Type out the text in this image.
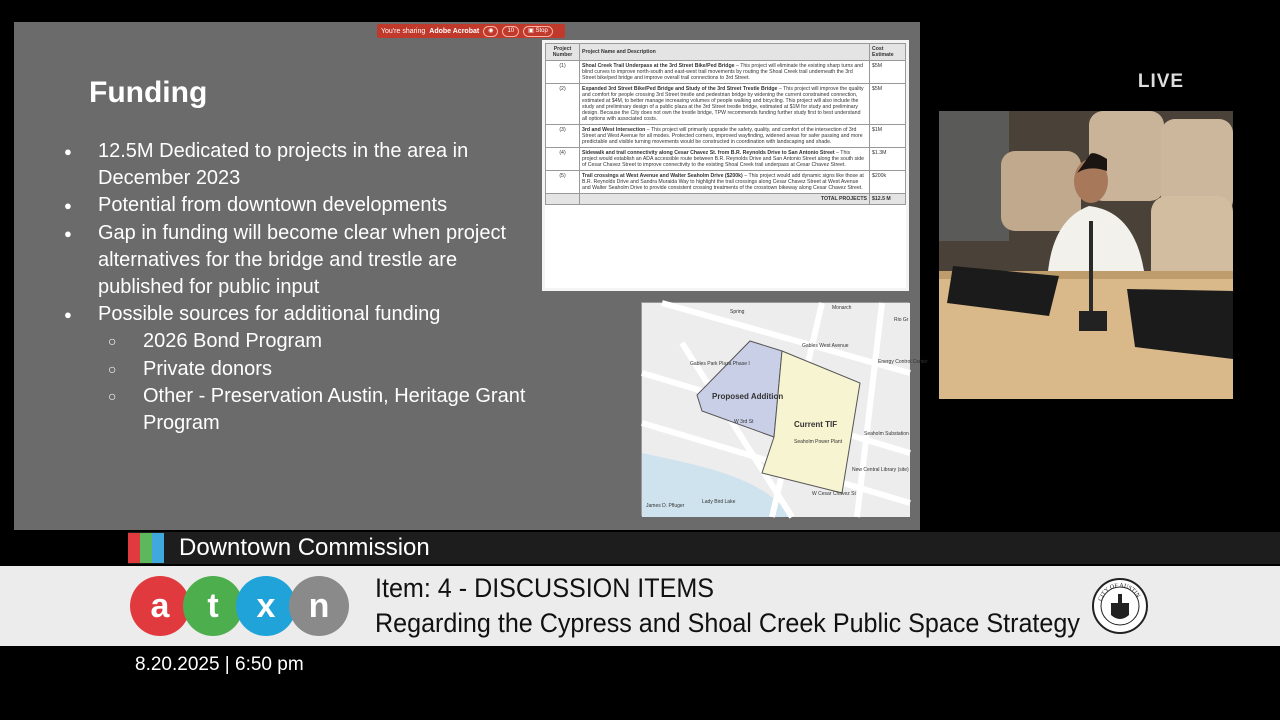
Funding
● 12.5M Dedicated to projects in the area in December 2023
● Potential from downtown developments
● Gap in funding will become clear when project alternatives for the bridge and trestle are published for public input
● Possible sources for additional funding
○ 2026 Bond Program
○ Private donors
○ Other - Preservation Austin, Heritage Grant Program
You're sharing Adobe Acrobat	◉	10	▣ Stop
Project Number	Project Name and Description	Cost Estimate
(1)	Shoal Creek Trail Underpass at the 3rd Street Bike/Ped Bridge – This project will eliminate the existing sharp turns and blind curves to improve north-south and east-west trail movements by routing the Shoal Creek trail underneath the 3rd Street bike/ped bridge and improve overall trail connections to 3rd Street.	$5M
(2)	Expanded 3rd Street Bike/Ped Bridge and Study of the 3rd Street Trestle Bridge – This project will improve the quality and comfort for people crossing 3rd Street trestle and pedestrian bridge by widening the current constrained connection, estimated at $4M, to better manage increasing volumes of people walking and bicycling. This project will also include the study and preliminary design of a public plaza at the 3rd Street trestle bridge, estimated at $1M for study and preliminary design. Because the City does not own the trestle bridge, TPW recommends funding further study first to best understand all options with associated costs.	$5M
(3)	3rd and West Intersection – This project will primarily upgrade the safety, quality, and comfort of the intersection of 3rd Street and West Avenue for all modes. Protected corners, improved wayfinding, widened areas for safer passing and more predictable and visible turning movements would be constructed in coordination with landscaping and shade.	$1M
(4)	Sidewalk and trail connectivity along Cesar Chavez St. from B.R. Reynolds Drive to San Antonio Street – This project would establish an ADA accessible route between B.R. Reynolds Drive and San Antonio Street along the south side of Cesar Chavez Street to improve connectivity to the existing Shoal Creek trail underpass at Cesar Chavez Street.	$1.3M
(5)	Trail crossings at West Avenue and Walter Seaholm Drive ($200k) – This project would add dynamic signs like those at B.R. Reynolds Drive and Sandra Muraida Way to highlight the trail crossings along Cesar Chavez Street at West Avenue and Walter Seaholm Drive to provide consistent crossing treatments of the crosstown bikeway along Cesar Chavez Street.	$200k
	TOTAL PROJECTS	$12.5 M
Spring
Monarch
Gables West Avenue
Gables Park Plaza Phase I
Proposed Addition
Current TIF
Seaholm Power Plant
Seaholm Substation
Energy Control Center
New Central Library (site)
James D. Pfluger
Lady Bird Lake
W Cesar Chavez St
W 3rd St
Rio Gr
LIVE
Downtown Commission
a	t	x n	Item: 4 - DISCUSSION ITEMS
Regarding the Cypress and Shoal Creek Public Space Strategy
CITY OF AUSTIN
8.20.2025 | 6:50 pm
